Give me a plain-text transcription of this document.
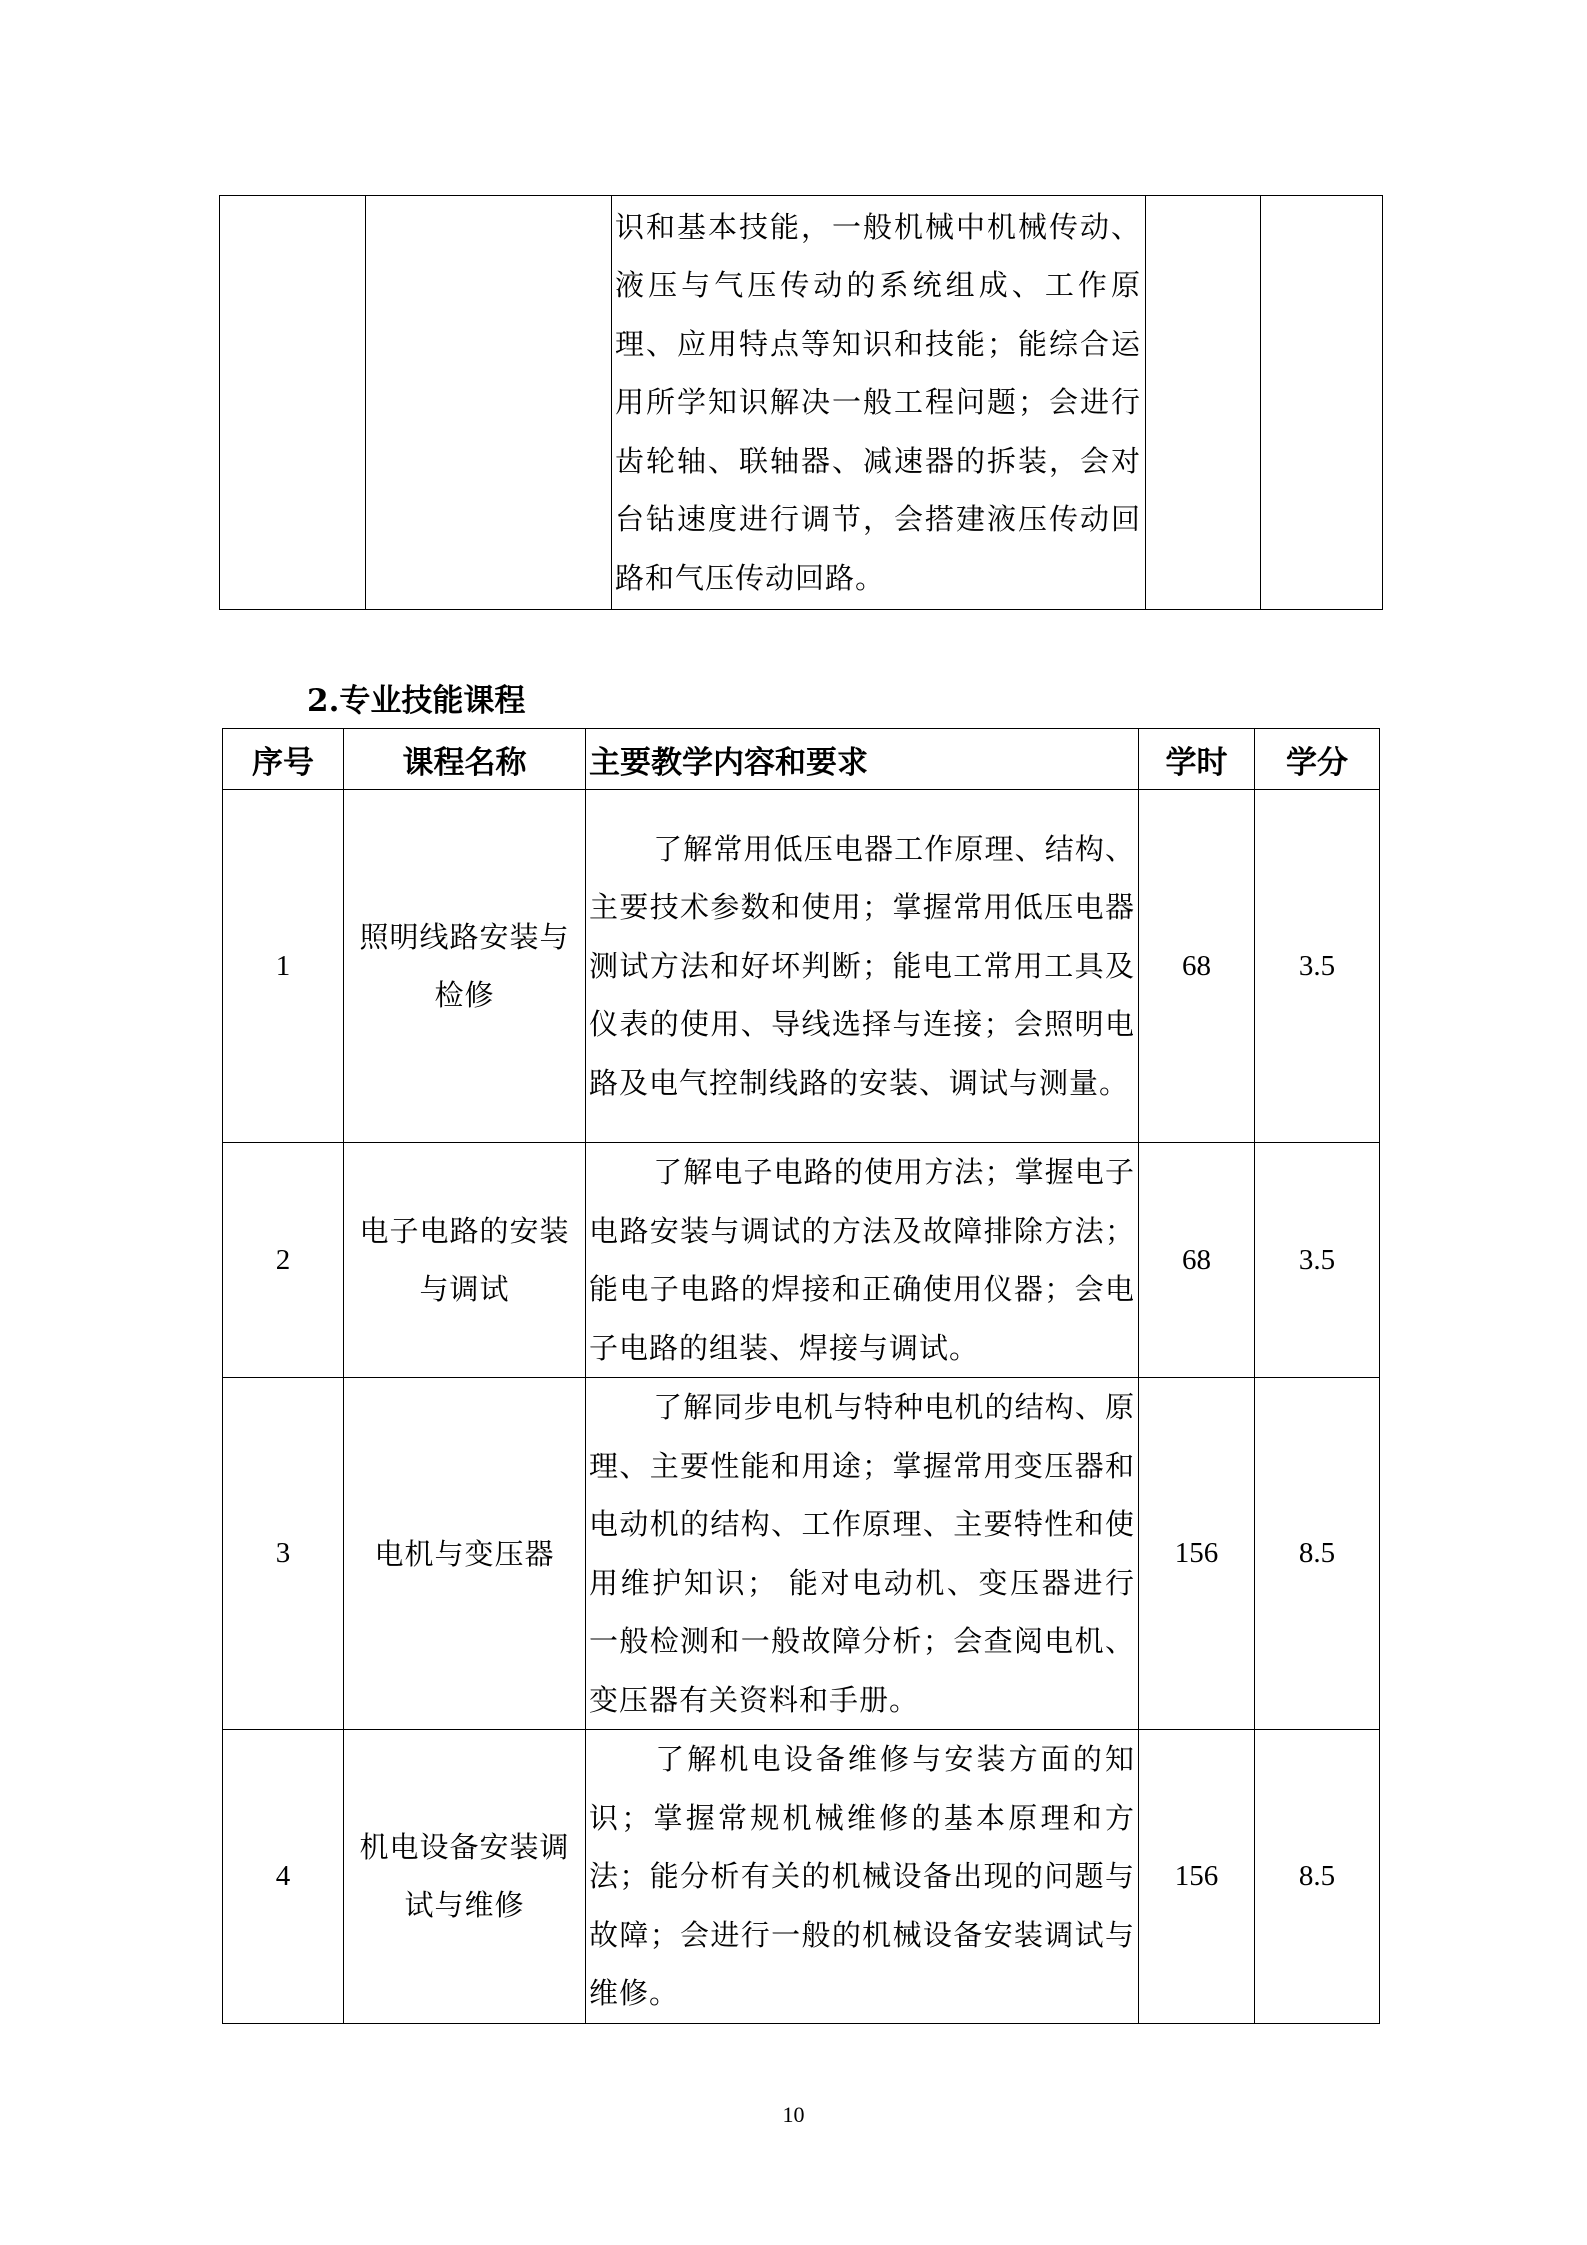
		识和基本技能，一般机械中机械传动、液压与气压传动的系统组成、工作原理、应用特点等知识和技能；能综合运用所学知识解决一般工程问题；会进行齿轮轴、联轴器、减速器的拆装，会对台钻速度进行调节，会搭建液压传动回路和气压传动回路。		
2.专业技能课程
序号	课程名称	主要教学内容和要求	学时	学分
1	照明线路安装与检修	了解常用低压电器工作原理、结构、主要技术参数和使用；掌握常用低压电器测试方法和好坏判断；能电工常用工具及仪表的使用、导线选择与连接；会照明电路及电气控制线路的安装、调试与测量。	68	3.5
2	电子电路的安装与调试	了解电子电路的使用方法；掌握电子电路安装与调试的方法及故障排除方法；能电子电路的焊接和正确使用仪器；会电子电路的组装、焊接与调试。	68	3.5
3	电机与变压器	了解同步电机与特种电机的结构、原理、主要性能和用途；掌握常用变压器和电动机的结构、工作原理、主要特性和使用维护知识； 能对电动机、变压器进行一般检测和一般故障分析；会查阅电机、变压器有关资料和手册。	156	8.5
4	机电设备安装调试与维修	了解机电设备维修与安装方面的知识；掌握常规机械维修的基本原理和方法；能分析有关的机械设备出现的问题与故障；会进行一般的机械设备安装调试与维修。	156	8.5
10
